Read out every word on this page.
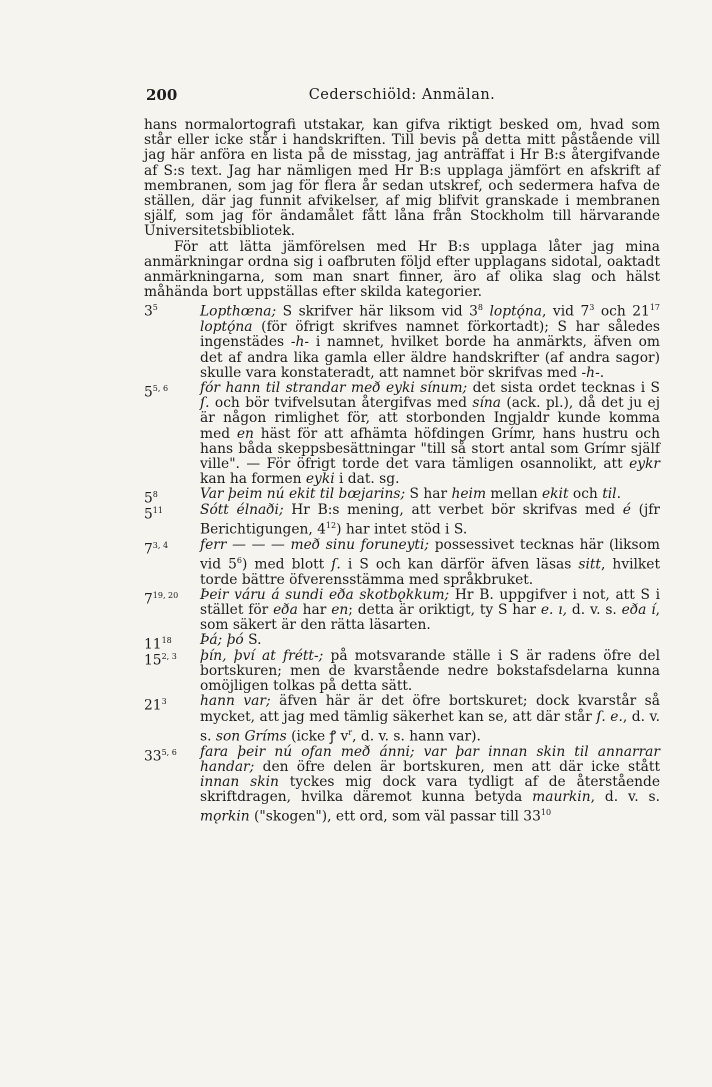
200	Cederschiöld: Anmälan.

hans normalortografi utstakar, kan gifva riktigt besked om, hvad som står eller icke står i handskriften. Till bevis på detta mitt påstående vill jag här anföra en lista på de misstag, jag anträffat i Hr B:s återgifvande af S:s text. Jag har nämligen med Hr B:s upplaga jämfört en afskrift af membranen, som jag för flera år sedan utskref, och sedermera hafva de ställen, där jag funnit afvikelser, af mig blifvit granskade i membranen själf, som jag för ändamålet fått låna från Stockholm till härvarande Universitetsbibliotek.

För att lätta jämförelsen med Hr B:s upplaga låter jag mina anmärkningar ordna sig i oafbruten följd efter upplagans sidotal, oaktadt anmärkningarna, som man snart finner, äro af olika slag och hälst måhända bort uppställas efter skilda kategorier.

$3^5$	Lopthœna; S skrifver här liksom vid $3^8$ loptǫ́na, vid $7^3$ och $21^{17}$ loptǫ́na (för öfrigt skrifves namnet förkortadt); S har således ingenstädes -h- i namnet, hvilket borde ha anmärkts, äfven om det af andra lika gamla eller äldre handskrifter (af andra sagor) skulle vara konstateradt, att namnet bör skrifvas med -h-.

5$^{5, 6}$	fór hann til strandar með eyki sínum; det sista ordet tecknas i S ſ. och bör tvifvelsutan återgifvas med sína (ack. pl.), då det ju ej är någon rimlighet för, att storbonden Ingjaldr kunde komma med en häst för att afhämta höfdingen Grímr, hans hustru och hans båda skeppsbesättningar "till så stort antal som Grímr själf ville". — För öfrigt torde det vara tämligen osannolikt, att eykr kan ha formen eyki i dat. sg.

$5^8$	Var þeim nú ekit til bœjarins; S har heim mellan ekit och til.

$5^{11}$	Sótt élnaði; Hr B:s mening, att verbet bör skrifvas med é (jfr Berichtigungen, $4^{12}$) har intet stöd i S.

7$^{3, 4}$	ferr — — — með sinu foruneyti; possessivet tecknas här (liksom vid $5^6$) med blott ſ. i S och kan därför äfven läsas sitt, hvilket torde bättre öfverensstämma med språkbruket.

7$^{19, 20}$	Þeir váru á sundi eða skotbǫkkum; Hr B. uppgifver i not, att S i stället för eða har en; detta är oriktigt, ty S har e. ı, d. v. s. eða í, som säkert är den rätta läsarten.

$11^{18}$	Þá; þó S.

15$^{2, 3}$	þín, því at frétt-; på motsvarande ställe i S är radens öfre del bortskuren; men de kvarstående nedre bokstafsdelarna kunna omöjligen tolkas på detta sätt.

$21^3$	hann var; äfven här är det öfre bortskuret; dock kvarstår så mycket, att jag med tämlig säkerhet kan se, att där står ſ. e., d. v. s. son Gríms (icke ꝭ $v^r$, d. v. s. hann var).

33$^{5, 6}$	fara þeir nú ofan með ánni; var þar innan skin til annarrar handar; den öfre delen är bortskuren, men att där icke stått innan skin tyckes mig dock vara tydligt af de återstående skriftdragen, hvilka däremot kunna betyda maurkin, d. v. s. mǫrkin ("skogen"), ett ord, som väl passar till $33^{10}$
